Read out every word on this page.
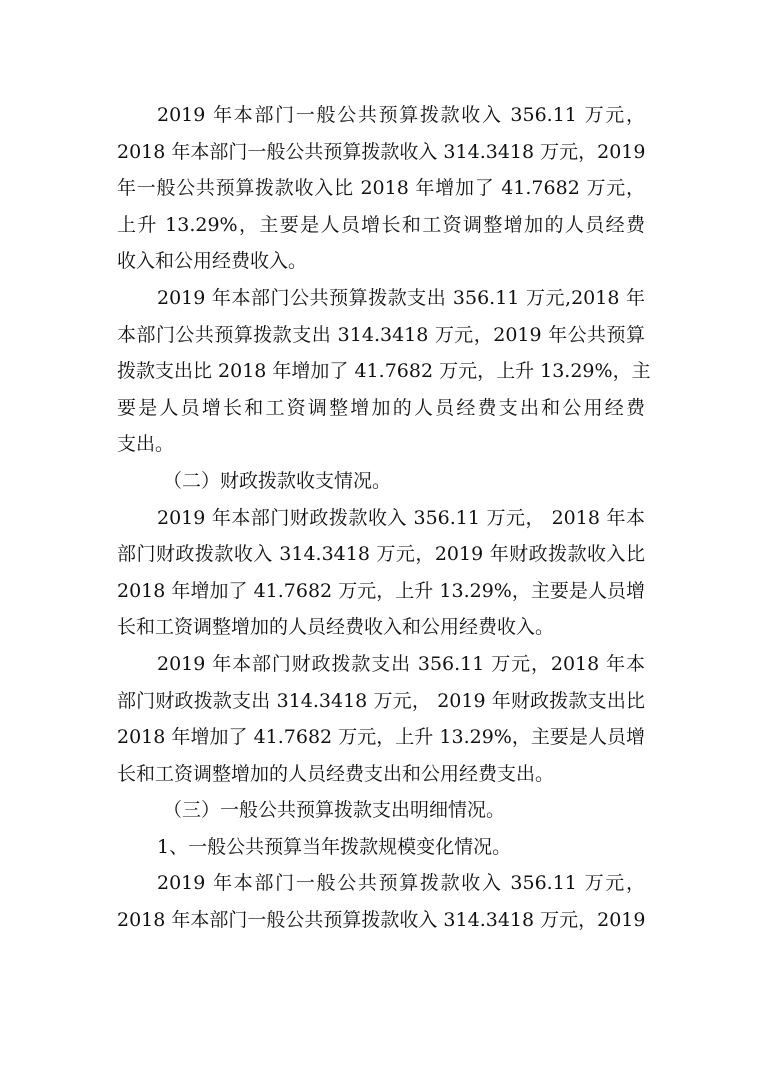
2019 年本部门一般公共预算拨款收入 356.11 万元，
2018 年本部门一般公共预算拨款收入 314.3418 万元，2019
年一般公共预算拨款收入比 2018 年增加了 41.7682 万元，
上升 13.29%，主要是人员增长和工资调整增加的人员经费
收入和公用经费收入。
2019 年本部门公共预算拨款支出 356.11 万元,2018 年
本部门公共预算拨款支出 314.3418 万元，2019 年公共预算
拨款支出比 2018 年增加了 41.7682 万元，上升 13.29%，主
要是人员增长和工资调整增加的人员经费支出和公用经费
支出。
（二）财政拨款收支情况。
2019 年本部门财政拨款收入 356.11 万元， 2018 年本
部门财政拨款收入 314.3418 万元，2019 年财政拨款收入比
2018 年增加了 41.7682 万元，上升 13.29%，主要是人员增
长和工资调整增加的人员经费收入和公用经费收入。
2019 年本部门财政拨款支出 356.11 万元，2018 年本
部门财政拨款支出 314.3418 万元， 2019 年财政拨款支出比
2018 年增加了 41.7682 万元，上升 13.29%，主要是人员增
长和工资调整增加的人员经费支出和公用经费支出。
（三）一般公共预算拨款支出明细情况。
1、一般公共预算当年拨款规模变化情况。
2019 年本部门一般公共预算拨款收入 356.11 万元，
2018 年本部门一般公共预算拨款收入 314.3418 万元，2019
